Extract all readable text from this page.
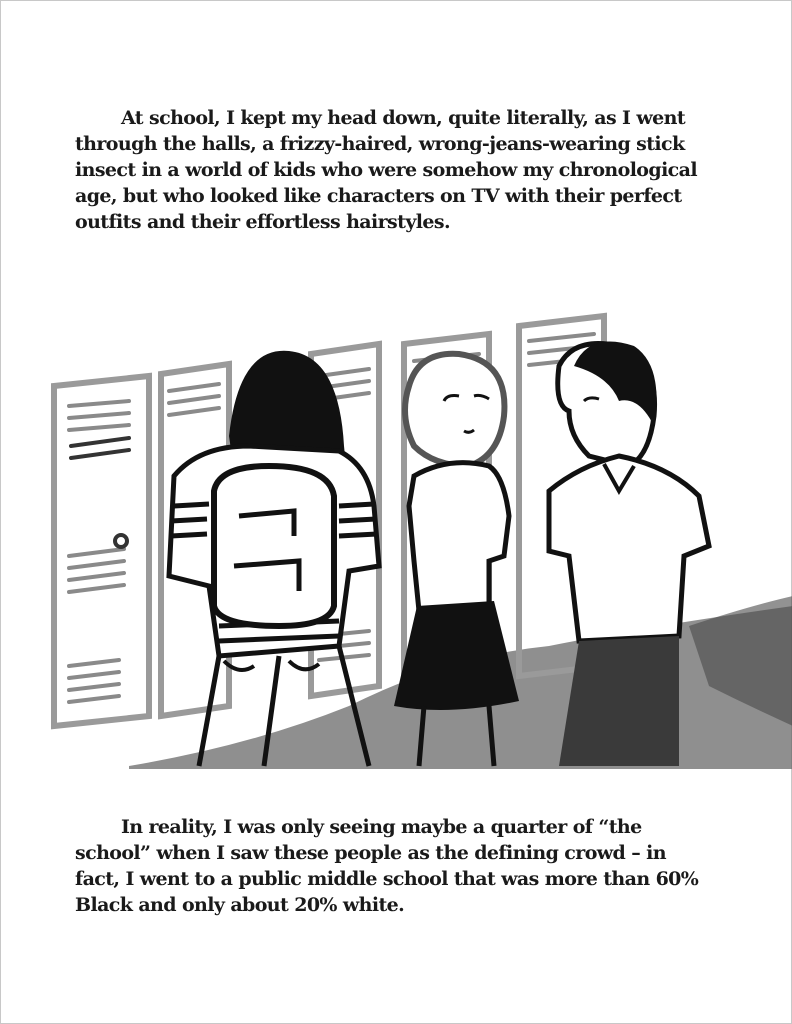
At school, I kept my head down, quite literally, as I went through the halls, a frizzy-haired, wrong-jeans-wearing stick insect in a world of kids who were somehow my chronological age, but who looked like characters on TV with their perfect outfits and their effortless hairstyles.

In reality, I was only seeing maybe a quarter of “the school” when I saw these people as the defining crowd – in fact, I went to a public middle school that was more than 60% Black and only about 20% white.
